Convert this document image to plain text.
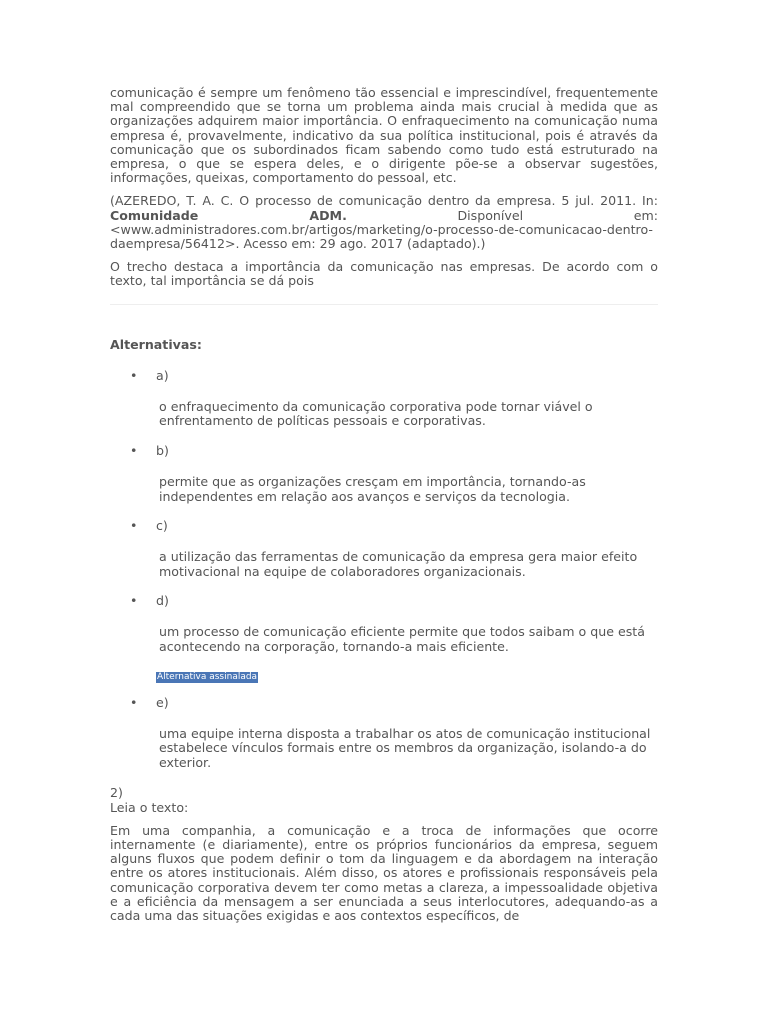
comunicação é sempre um fenômeno tão essencial e imprescindível, frequentemente mal compreendido que se torna um problema ainda mais crucial à medida que as organizações adquirem maior importância. O enfraquecimento na comunicação numa empresa é, provavelmente, indicativo da sua política institucional, pois é através da comunicação que os subordinados ficam sabendo como tudo está estruturado na empresa, o que se espera deles, e o dirigente põe-se a observar sugestões, informações, queixas, comportamento do pessoal, etc.

(AZEREDO, T. A. C. O processo de comunicação dentro da empresa. 5 jul. 2011. In: Comunidade ADM. Disponível em: <www.administradores.com.br/artigos/marketing/o-processo-de-comunicacao-dentro-daempresa/56412>. Acesso em: 29 ago. 2017 (adaptado).)

O trecho destaca a importância da comunicação nas empresas. De acordo com o texto, tal importância se dá pois

Alternativas:

• a)

o enfraquecimento da comunicação corporativa pode tornar viável o enfrentamento de políticas pessoais e corporativas.

• b)

permite que as organizações cresçam em importância, tornando-as independentes em relação aos avanços e serviços da tecnologia.

• c)

a utilização das ferramentas de comunicação da empresa gera maior efeito motivacional na equipe de colaboradores organizacionais.

• d)

um processo de comunicação eficiente permite que todos saibam o que está acontecendo na corporação, tornando-a mais eficiente.

Alternativa assinalada
• e)

uma equipe interna disposta a trabalhar os atos de comunicação institucional estabelece vínculos formais entre os membros da organização, isolando-a do exterior.

2)

Leia o texto:

Em uma companhia, a comunicação e a troca de informações que ocorre internamente (e diariamente), entre os próprios funcionários da empresa, seguem alguns fluxos que podem definir o tom da linguagem e da abordagem na interação entre os atores institucionais. Além disso, os atores e profissionais responsáveis pela comunicação corporativa devem ter como metas a clareza, a impessoalidade objetiva e a eficiência da mensagem a ser enunciada a seus interlocutores, adequando-as a cada uma das situações exigidas e aos contextos específicos, de
